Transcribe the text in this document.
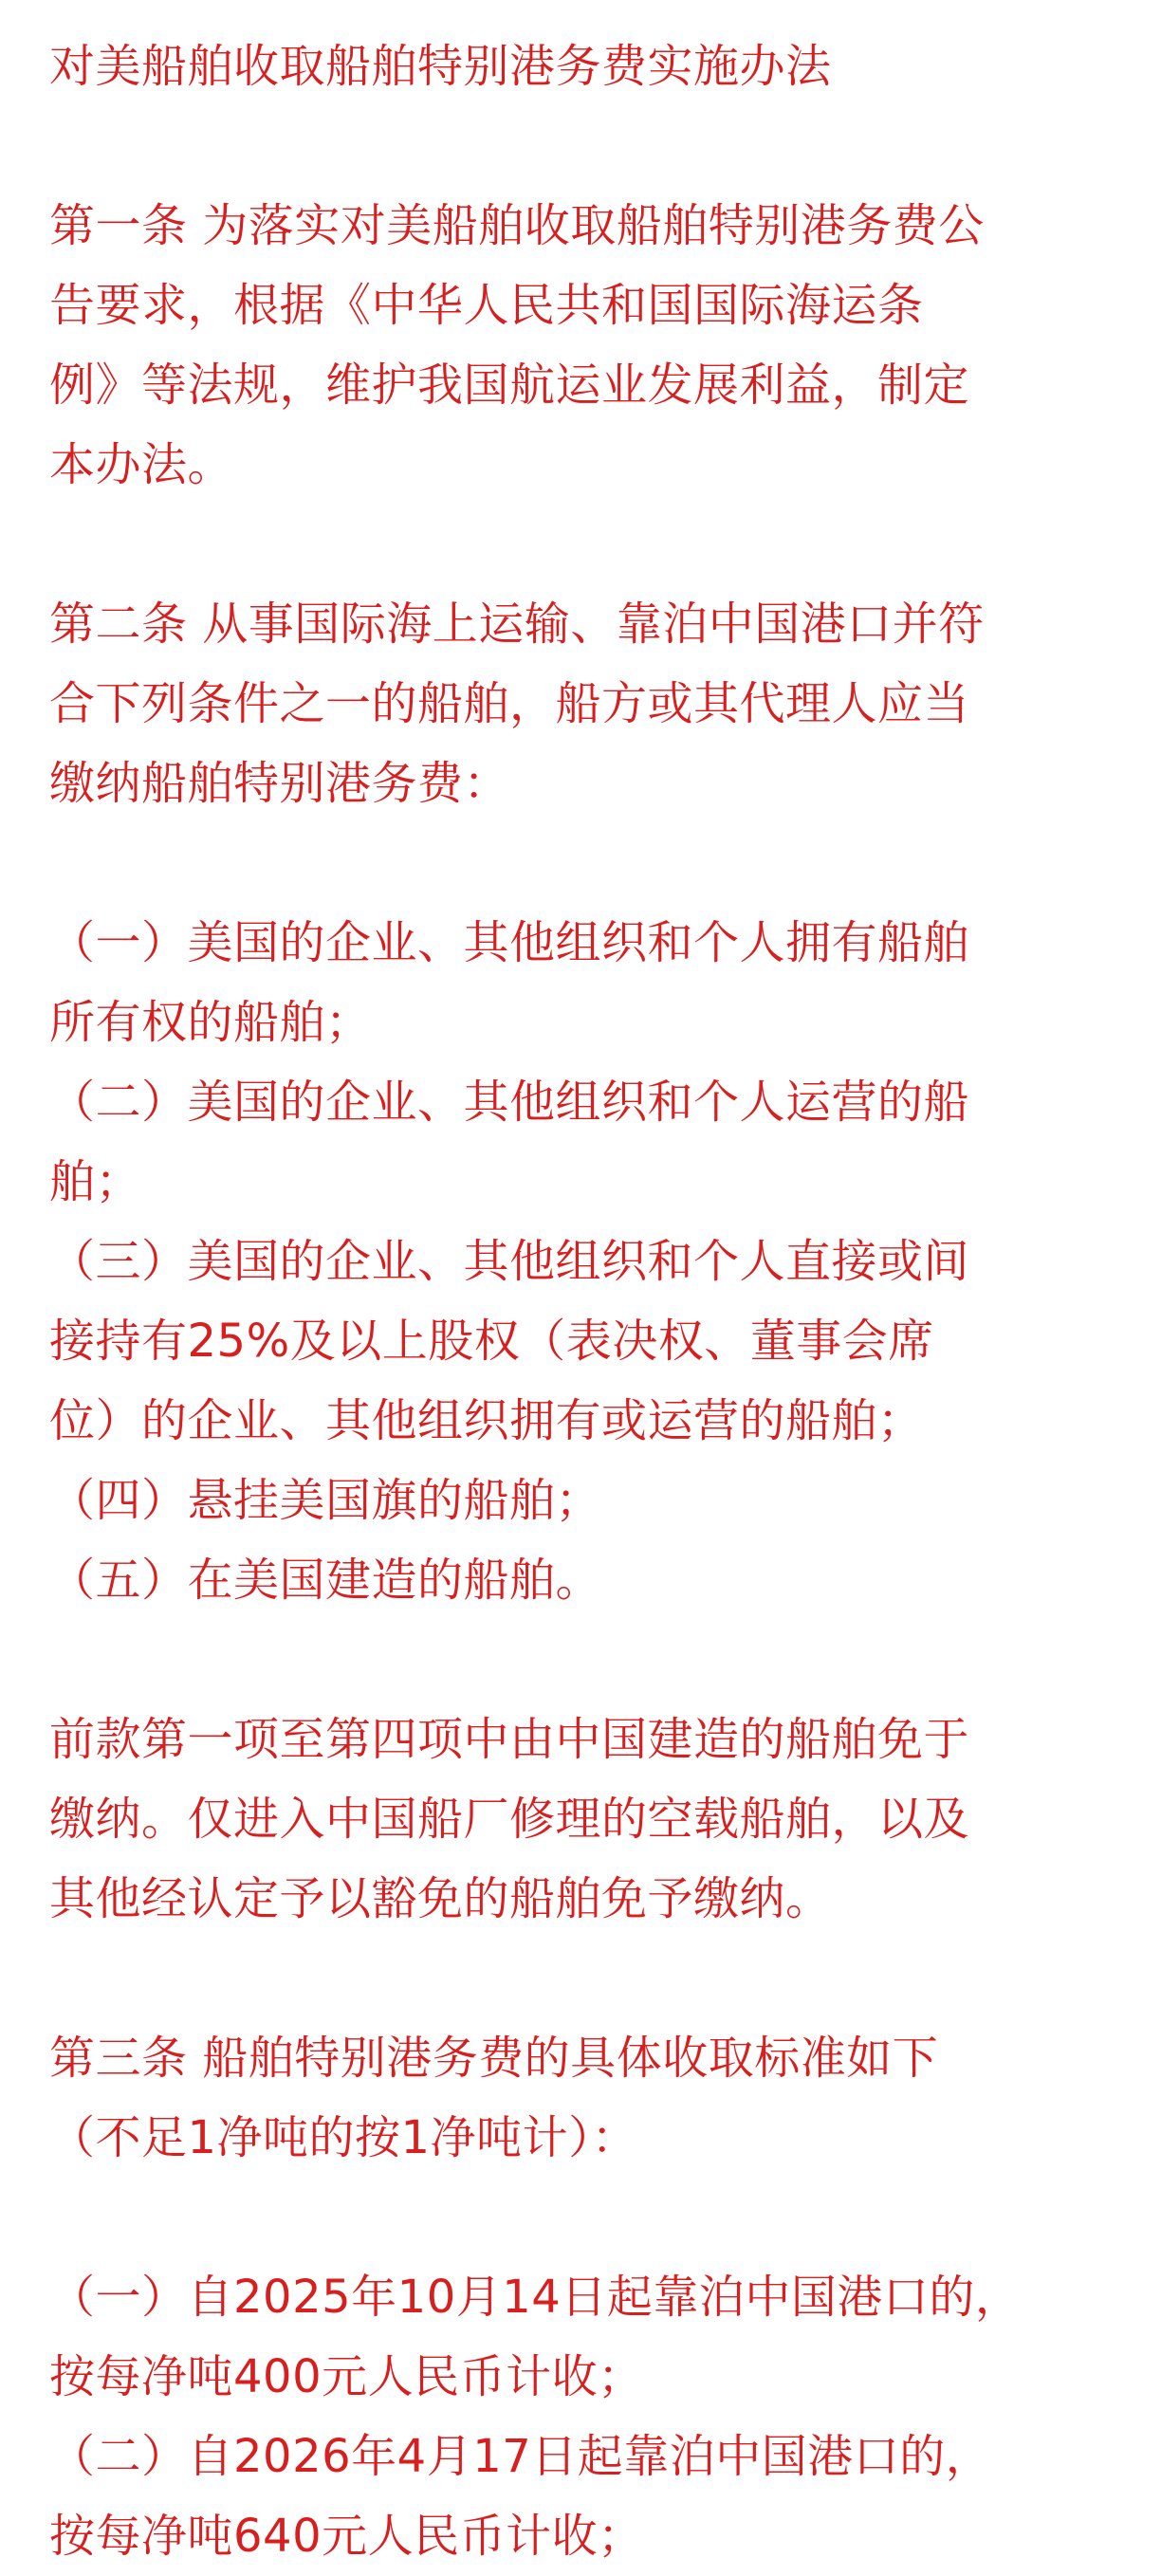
对美船舶收取船舶特别港务费实施办法
第一条 为落实对美船舶收取船舶特别港务费公
告要求，根据《中华人民共和国国际海运条
例》等法规，维护我国航运业发展利益，制定
本办法。
第二条 从事国际海上运输、靠泊中国港口并符
合下列条件之一的船舶，船方或其代理人应当
缴纳船舶特别港务费：
（一）美国的企业、其他组织和个人拥有船舶
所有权的船舶；
（二）美国的企业、其他组织和个人运营的船
舶；
（三）美国的企业、其他组织和个人直接或间
接持有25%及以上股权（表决权、董事会席
位）的企业、其他组织拥有或运营的船舶；
（四）悬挂美国旗的船舶；
（五）在美国建造的船舶。
前款第一项至第四项中由中国建造的船舶免于
缴纳。仅进入中国船厂修理的空载船舶，以及
其他经认定予以豁免的船舶免予缴纳。
第三条 船舶特别港务费的具体收取标准如下
（不足1净吨的按1净吨计）：
（一）自2025年10月14日起靠泊中国港口的，
按每净吨400元人民币计收；
（二）自2026年4月17日起靠泊中国港口的，
按每净吨640元人民币计收；
